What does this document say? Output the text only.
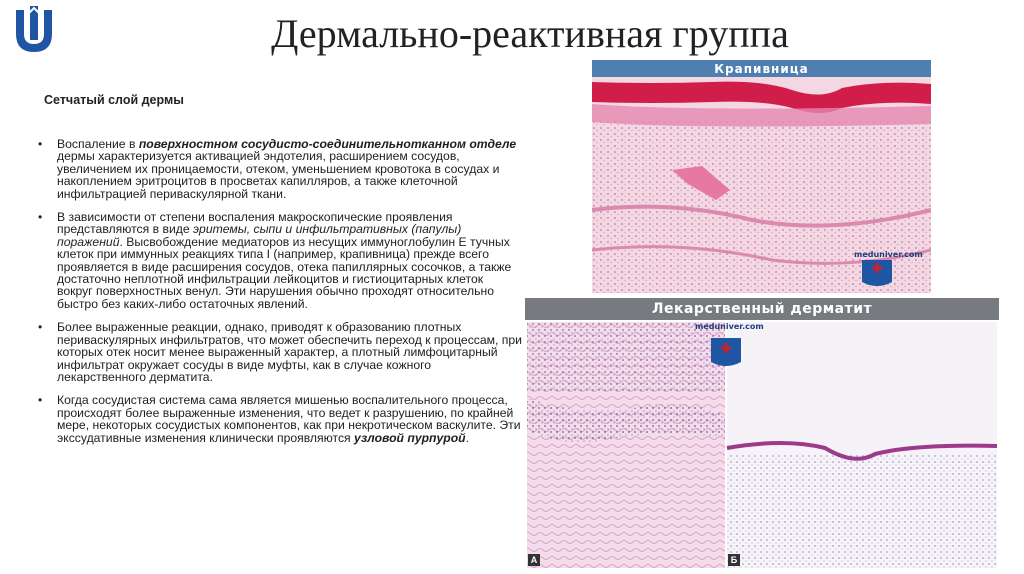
Дермально-реактивная группа
Сетчатый слой дермы
• Воспаление в поверхностном сосудисто-соединительнотканном отделе дермы характеризуется активацией эндотелия, расширением сосудов, увеличением их проницаемости, отеком, уменьшением кровотока в сосудах и накоплением эритроцитов в просветах капилляров, а также клеточной инфильтрацией периваскулярной ткани.
• В зависимости от степени воспаления макроскопические проявления представляются в виде эритемы, сыпи и инфильтративных (папулы) поражений. Высвобождение медиаторов из несущих иммуноглобулин Е тучных клеток при иммунных реакциях типа I (например, крапивница) прежде всего проявляется в виде расширения сосудов, отека папиллярных сосочков, а также достаточно неплотной инфильтрации лейкоцитов и гистиоцитарных клеток вокруг поверхностных венул. Эти нарушения обычно проходят относительно быстро без каких-либо остаточных явлений.
• Более выраженные реакции, однако, приводят к образованию плотных периваскулярных инфильтратов, что может обеспечить переход к процессам, при которых отек носит менее выраженный характер, а плотный лимфоцитарный инфильтрат окружает сосуды в виде муфты, как в случае кожного лекарственного дерматита.
• Когда сосудистая система сама является мишенью воспалительного процесса, происходят более выраженные изменения, что ведет к разрушению, по крайней мере, некоторых сосудистых компонентов, как при некротическом васкулите. Эти экссудативные изменения клинически проявляются узловой пурпурой.
Крапивница
meduniver.com
Лекарственный дерматит
meduniver.com
A	Б
